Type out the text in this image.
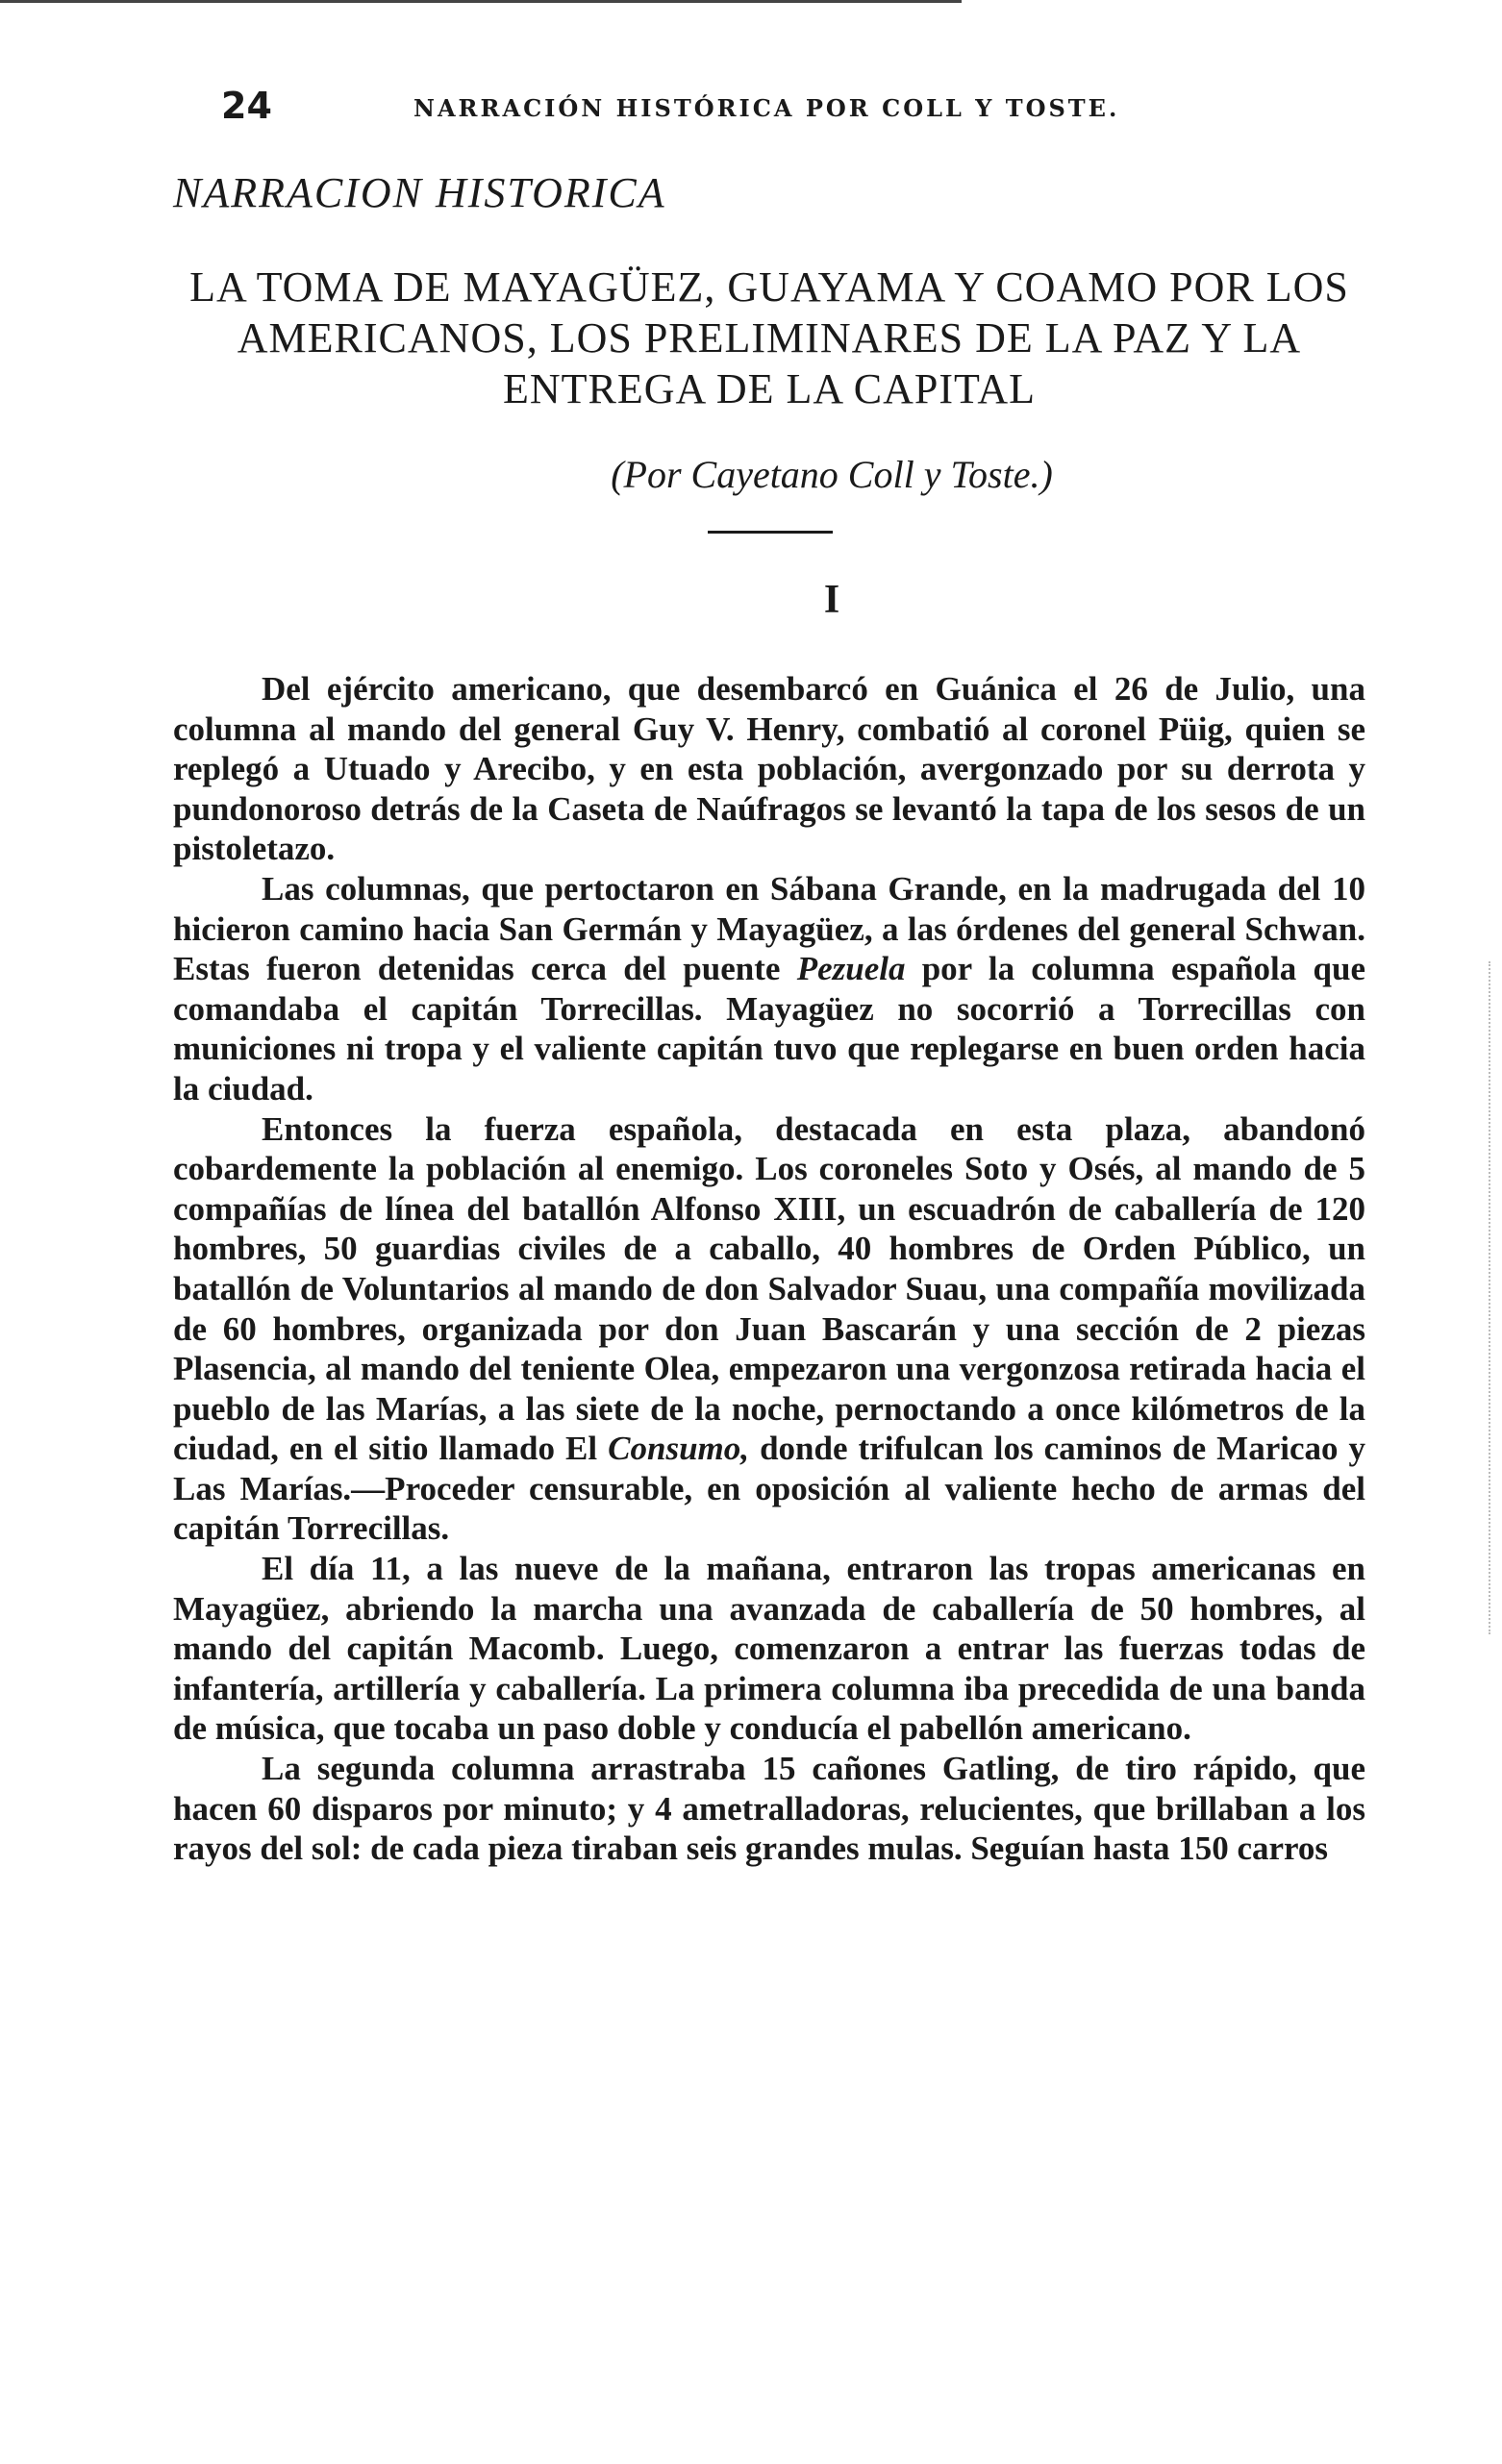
24	NARRACIÓN HISTÓRICA POR COLL Y TOSTE.
NARRACION HISTORICA
LA TOMA DE MAYAGÜEZ, GUAYAMA Y COAMO POR LOS AMERICANOS, LOS PRELIMINARES DE LA PAZ Y LA ENTREGA DE LA CAPITAL
(Por Cayetano Coll y Toste.)
I

Del ejército americano, que desembarcó en Guánica el 26 de Julio, una columna al mando del general Guy V. Henry, combatió al coronel Püig, quien se replegó a Utuado y Arecibo, y en esta población, avergonzado por su derrota y pundonoroso detrás de la Caseta de Naúfragos se levantó la tapa de los sesos de un pistoletazo.

Las columnas, que pertoctaron en Sábana Grande, en la madrugada del 10 hicieron camino hacia San Germán y Mayagüez, a las órdenes del general Schwan. Estas fueron detenidas cerca del puente Pezuela por la columna española que comandaba el capitán Torrecillas. Mayagüez no socorrió a Torrecillas con municiones ni tropa y el valiente capitán tuvo que replegarse en buen orden hacia la ciudad.

Entonces la fuerza española, destacada en esta plaza, abandonó cobardemente la población al enemigo. Los coroneles Soto y Osés, al mando de 5 compañías de línea del batallón Alfonso XIII, un escuadrón de caballería de 120 hombres, 50 guardias civiles de a caballo, 40 hombres de Orden Público, un batallón de Voluntarios al mando de don Salvador Suau, una compañía movilizada de 60 hombres, organizada por don Juan Bascarán y una sección de 2 piezas Plasencia, al mando del teniente Olea, empezaron una vergonzosa retirada hacia el pueblo de las Marías, a las siete de la noche, pernoctando a once kilómetros de la ciudad, en el sitio llamado El Consumo, donde trifulcan los caminos de Maricao y Las Marías.—Proceder censurable, en oposición al valiente hecho de armas del capitán Torrecillas.

El día 11, a las nueve de la mañana, entraron las tropas americanas en Mayagüez, abriendo la marcha una avanzada de caballería de 50 hombres, al mando del capitán Macomb. Luego, comenzaron a entrar las fuerzas todas de infantería, artillería y caballería. La primera columna iba precedida de una banda de música, que tocaba un paso doble y conducía el pabellón americano.

La segunda columna arrastraba 15 cañones Gatling, de tiro rápido, que hacen 60 disparos por minuto; y 4 ametralladoras, relucientes, que brillaban a los rayos del sol: de cada pieza tiraban seis grandes mulas. Seguían hasta 150 carros
